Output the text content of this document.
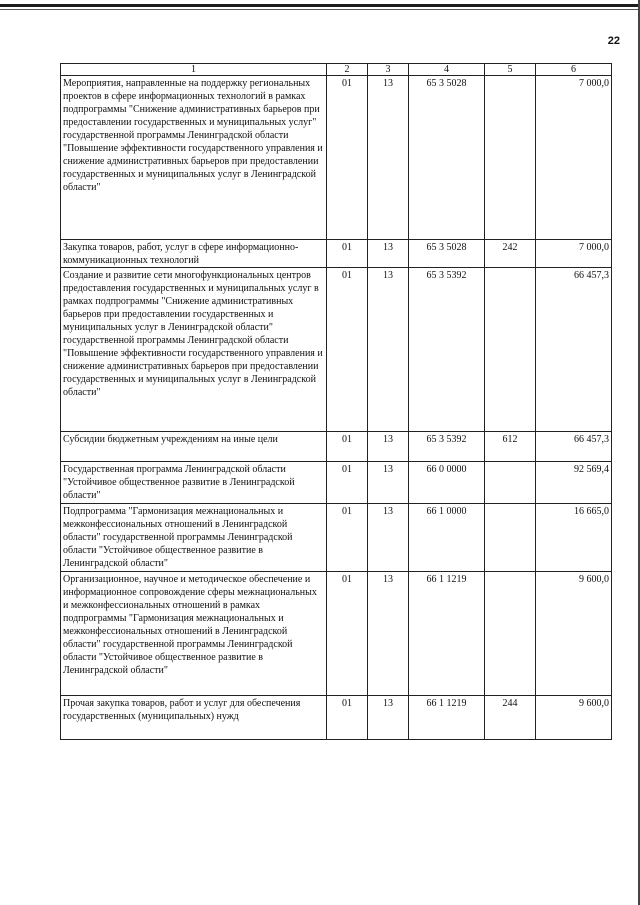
22
1	2	3	4	5	6
Мероприятия, направленные на поддержку региональных проектов в сфере информационных технологий в рамках подпрограммы "Снижение административных барьеров при предоставлении государственных и муниципальных услуг" государственной программы Ленинградской области "Повышение эффективности государственного управления и снижение административных барьеров при предоставлении государственных и муниципальных услуг в Ленинградской области"	01	13	65 3 5028		7 000,0
Закупка товаров, работ, услуг в сфере информационно-коммуникационных технологий	01	13	65 3 5028	242	7 000,0
Создание и развитие сети многофункциональных центров предоставления государственных и муниципальных услуг в рамках подпрограммы "Снижение административных барьеров при предоставлении государственных и муниципальных услуг в Ленинградской области" государственной программы Ленинградской области "Повышение эффективности государственного управления и снижение административных барьеров при предоставлении государственных и муниципальных услуг в Ленинградской области"	01	13	65 3 5392		66 457,3
Субсидии бюджетным учреждениям на иные цели	01	13	65 3 5392	612	66 457,3
Государственная программа Ленинградской области "Устойчивое общественное развитие в Ленинградской области"	01	13	66 0 0000		92 569,4
Подпрограмма "Гармонизация межнациональных и межконфессиональных отношений в Ленинградской области" государственной программы Ленинградской области "Устойчивое общественное развитие в Ленинградской области"	01	13	66 1 0000		16 665,0
Организационное, научное и методическое обеспечение и информационное сопровождение сферы межнациональных и межконфессиональных отношений в рамках подпрограммы "Гармонизация межнациональных и межконфессиональных отношений в Ленинградской области" государственной программы Ленинградской области "Устойчивое общественное развитие в Ленинградской области"	01	13	66 1 1219		9 600,0
Прочая закупка товаров, работ и услуг для обеспечения государственных (муниципальных) нужд	01	13	66 1 1219	244	9 600,0
